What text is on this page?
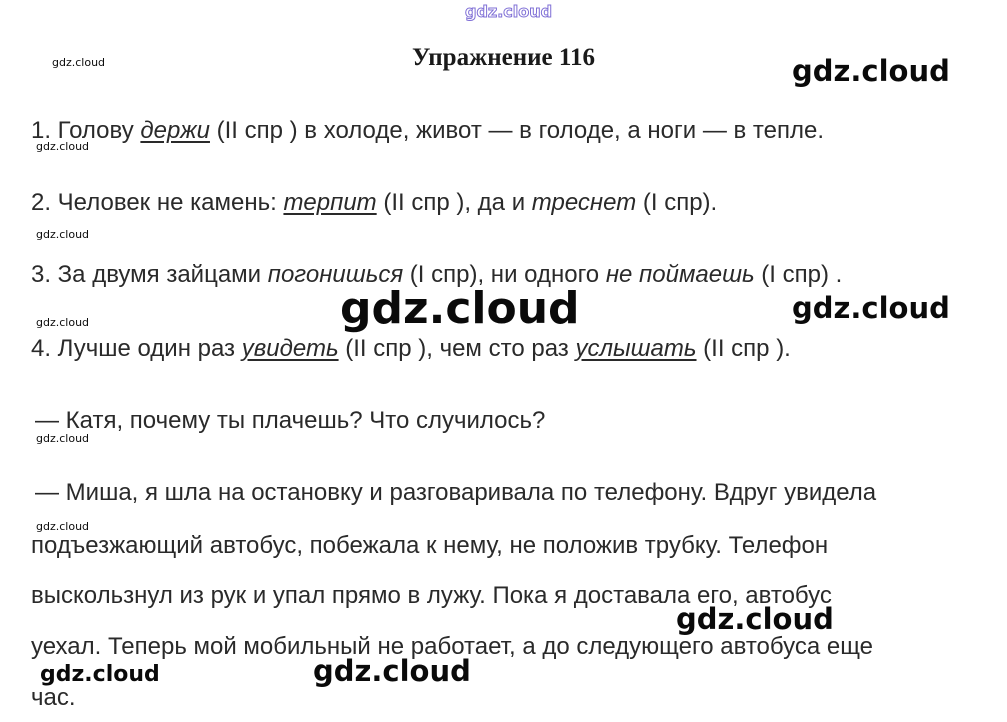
Упражнение 116
1. Голову держи (II спр ) в холоде, живот — в голоде, а ноги — в тепле.
2. Человек не камень: терпит (II спр ), да и треснет (I спр).
3. За двумя зайцами погонишься (I спр), ни одного не поймаешь (I спр) .
4. Лучше один раз увидеть (II спр ), чем сто раз услышать (II спр ).
— Катя, почему ты плачешь? Что случилось?
— Миша, я шла на остановку и разговаривала по телефону. Вдруг увидела
подъезжающий автобус, побежала к нему, не положив трубку. Телефон
выскользнул из рук и упал прямо в лужу. Пока я доставала его, автобус
уехал. Теперь мой мобильный не работает, а до следующего автобуса еще
час.
gdz.cloud
gdz.cloud	gdz.cloud
gdz.cloud
gdz.cloud
gdz.cloud	gdz.cloud
gdz.cloud
gdz.cloud
gdz.cloud
gdz.cloud
gdz.cloud
gdz.cloud
